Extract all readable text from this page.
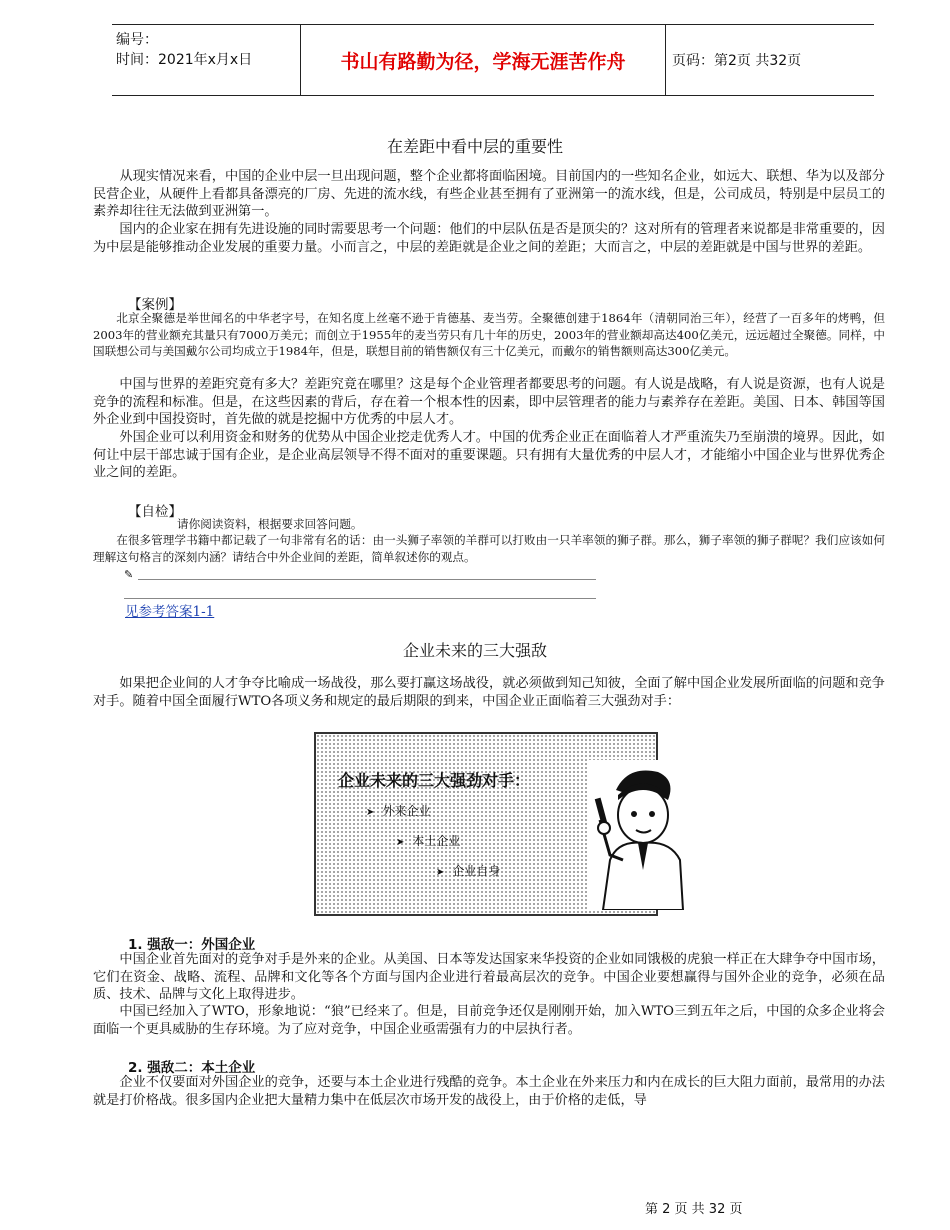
编号：
时间：2021年x月x日	书山有路勤为径，学海无涯苦作舟	页码：第2页 共32页
在差距中看中层的重要性

从现实情况来看，中国的企业中层一旦出现问题，整个企业都将面临困境。目前国内的一些知名企业，如远大、联想、华为以及部分民营企业，从硬件上看都具备漂亮的厂房、先进的流水线，有些企业甚至拥有了亚洲第一的流水线，但是，公司成员，特别是中层员工的素养却往往无法做到亚洲第一。

国内的企业家在拥有先进设施的同时需要思考一个问题：他们的中层队伍是否是顶尖的？这对所有的管理者来说都是非常重要的，因为中层是能够推动企业发展的重要力量。小而言之，中层的差距就是企业之间的差距；大而言之，中层的差距就是中国与世界的差距。

【案例】

北京全聚德是举世闻名的中华老字号，在知名度上丝毫不逊于肯德基、麦当劳。全聚德创建于1864年（清朝同治三年），经营了一百多年的烤鸭，但2003年的营业额充其量只有7000万美元；而创立于1955年的麦当劳只有几十年的历史，2003年的营业额却高达400亿美元，远远超过全聚德。同样，中国联想公司与美国戴尔公司均成立于1984年，但是，联想目前的销售额仅有三十亿美元，而戴尔的销售额则高达300亿美元。

中国与世界的差距究竟有多大？差距究竟在哪里？这是每个企业管理者都要思考的问题。有人说是战略，有人说是资源，也有人说是竞争的流程和标准。但是，在这些因素的背后，存在着一个根本性的因素，即中层管理者的能力与素养存在差距。美国、日本、韩国等国外企业到中国投资时，首先做的就是挖掘中方优秀的中层人才。

外国企业可以利用资金和财务的优势从中国企业挖走优秀人才。中国的优秀企业正在面临着人才严重流失乃至崩溃的境界。因此，如何让中层干部忠诚于国有企业，是企业高层领导不得不面对的重要课题。只有拥有大量优秀的中层人才，才能缩小中国企业与世界优秀企业之间的差距。

【自检】

请你阅读资料，根据要求回答问题。

在很多管理学书籍中都记载了一句非常有名的话：由一头狮子率领的羊群可以打败由一只羊率领的狮子群。那么，狮子率领的狮子群呢？我们应该如何理解这句格言的深刻内涵？请结合中外企业间的差距，简单叙述你的观点。

✎
见参考答案1-1
企业未来的三大强敌

如果把企业间的人才争夺比喻成一场战役，那么要打赢这场战役，就必须做到知己知彼，全面了解中国企业发展所面临的问题和竞争对手。随着中国全面履行WTO各项义务和规定的最后期限的到来，中国企业正面临着三大强劲对手：

企业未来的三大强劲对手：
➤ 外来企业
➤ 本土企业
➤ 企业自身
1. 强敌一：外国企业

中国企业首先面对的竞争对手是外来的企业。从美国、日本等发达国家来华投资的企业如同饿极的虎狼一样正在大肆争夺中国市场，它们在资金、战略、流程、品牌和文化等各个方面与国内企业进行着最高层次的竞争。中国企业要想赢得与国外企业的竞争，必须在品质、技术、品牌与文化上取得进步。

中国已经加入了WTO，形象地说：“狼”已经来了。但是，目前竞争还仅是刚刚开始，加入WTO三到五年之后，中国的众多企业将会面临一个更具威胁的生存环境。为了应对竞争，中国企业亟需强有力的中层执行者。

2. 强敌二：本土企业

企业不仅要面对外国企业的竞争，还要与本土企业进行残酷的竞争。本土企业在外来压力和内在成长的巨大阻力面前，最常用的办法就是打价格战。很多国内企业把大量精力集中在低层次市场开发的战役上，由于价格的走低，导

第 2 页 共 32 页
